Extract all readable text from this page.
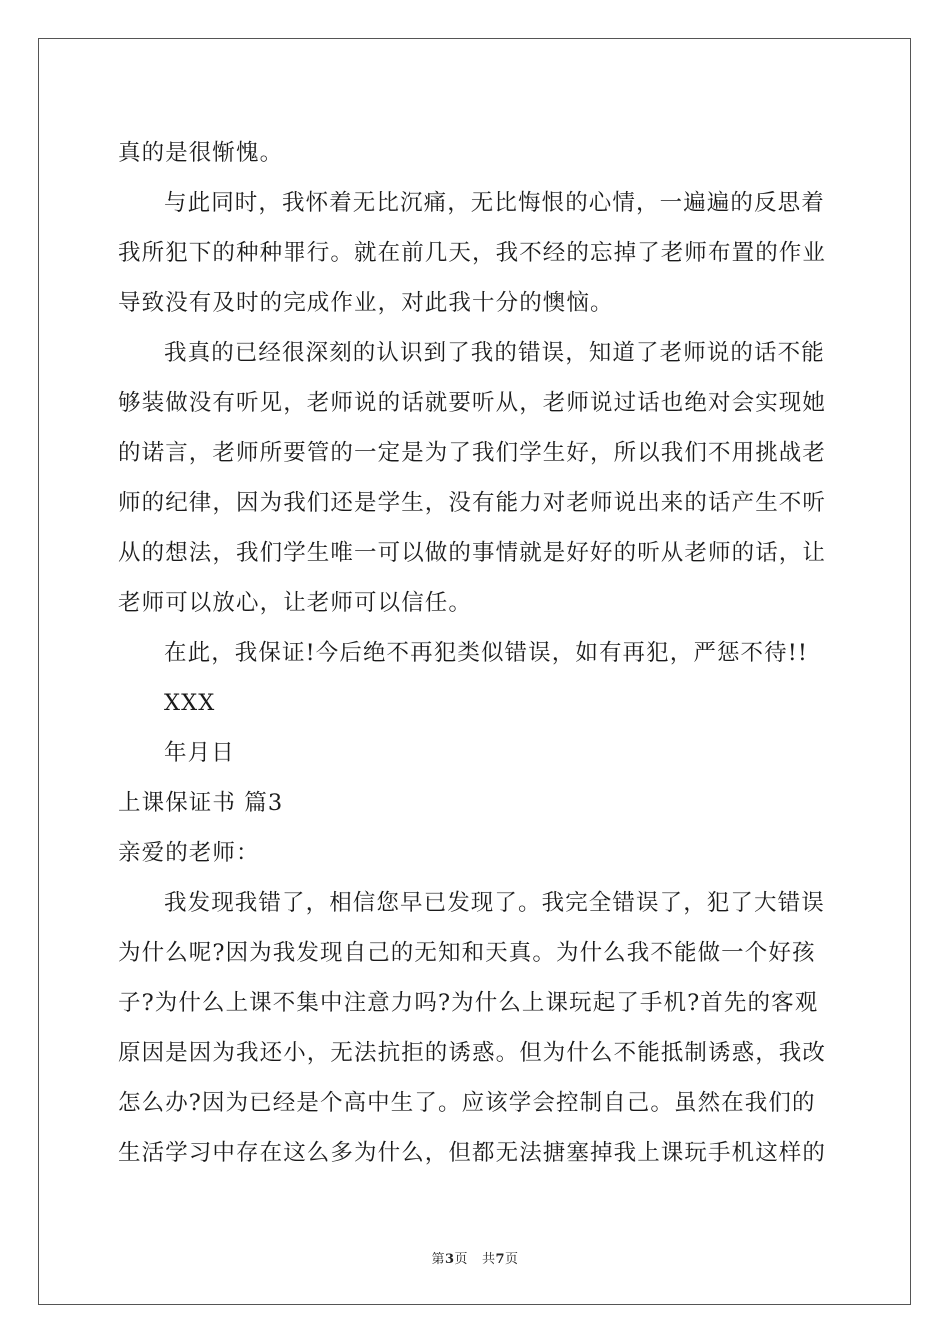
真的是很惭愧。
与此同时，我怀着无比沉痛，无比悔恨的心情，一遍遍的反思着
我所犯下的种种罪行。就在前几天，我不经的忘掉了老师布置的作业
导致没有及时的完成作业，对此我十分的懊恼。
我真的已经很深刻的认识到了我的错误，知道了老师说的话不能
够装做没有听见，老师说的话就要听从，老师说过话也绝对会实现她
的诺言，老师所要管的一定是为了我们学生好，所以我们不用挑战老
师的纪律，因为我们还是学生，没有能力对老师说出来的话产生不听
从的想法，我们学生唯一可以做的事情就是好好的听从老师的话，让
老师可以放心，让老师可以信任。
在此，我保证!今后绝不再犯类似错误，如有再犯，严惩不待!!
XXX
年月日
上课保证书 篇3
亲爱的老师：
我发现我错了，相信您早已发现了。我完全错误了，犯了大错误
为什么呢?因为我发现自己的无知和天真。为什么我不能做一个好孩
子?为什么上课不集中注意力吗?为什么上课玩起了手机?首先的客观
原因是因为我还小，无法抗拒的诱惑。但为什么不能抵制诱惑，我改
怎么办?因为已经是个高中生了。应该学会控制自己。虽然在我们的
生活学习中存在这么多为什么，但都无法搪塞掉我上课玩手机这样的
第3页 共7页
